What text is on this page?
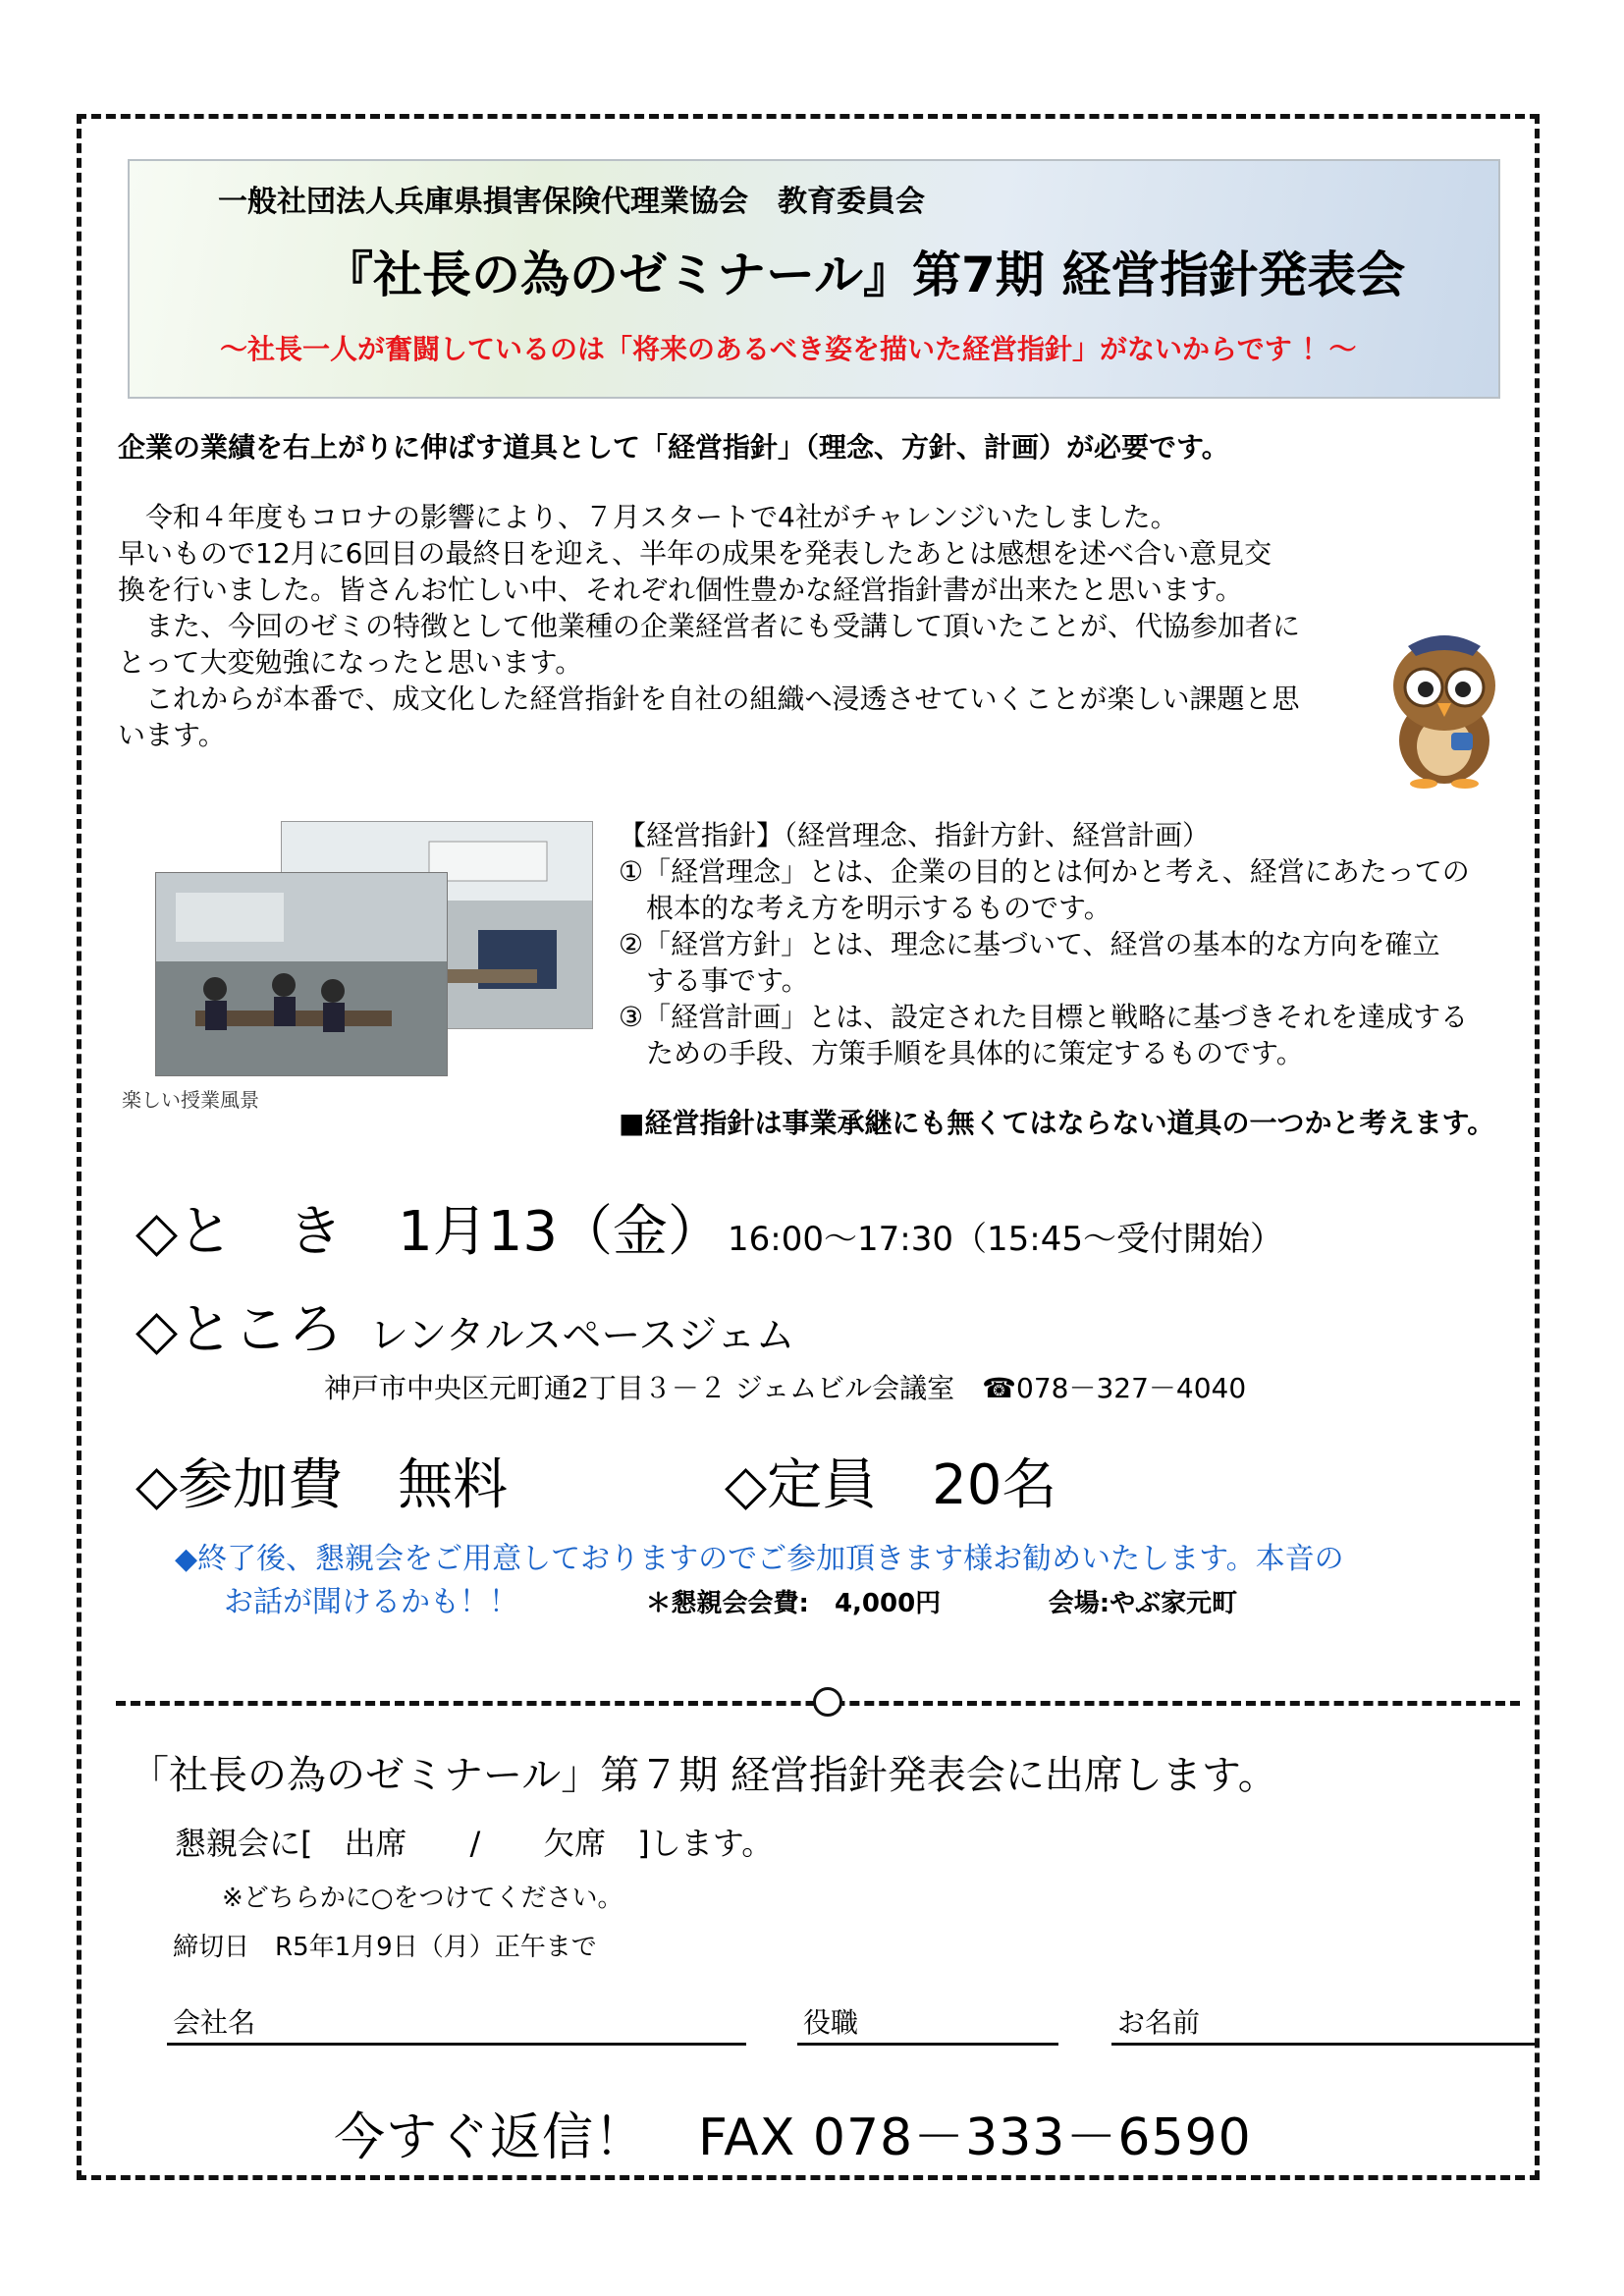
一般社団法人兵庫県損害保険代理業協会　教育委員会
『社長の為のゼミナール』第7期 経営指針発表会
～社長一人が奮闘しているのは「将来のあるべき姿を描いた経営指針」がないからです ！～
企業の業績を右上がりに伸ばす道具として「経営指針」（理念、方針、計画）が必要です。

　令和４年度もコロナの影響により、７月スタートで4社がチャレンジいたしました。

早いもので12月に6回目の最終日を迎え、半年の成果を発表したあとは感想を述べ合い意見交

換を行いました。皆さんお忙しい中、それぞれ個性豊かな経営指針書が出来たと思います。

　また、今回のゼミの特徴として他業種の企業経営者にも受講して頂いたことが、代協参加者に

とって大変勉強になったと思います。

　これからが本番で、成文化した経営指針を自社の組織へ浸透させていくことが楽しい課題と思

います。

楽しい授業風景
【経営指針】（経営理念、指針方針、経営計画）
①「経営理念」とは、企業の目的とは何かと考え、経営にあたっての
　根本的な考え方を明示するものです。
②「経営方針」とは、理念に基づいて、経営の基本的な方向を確立
　する事です。
③「経営計画」とは、設定された目標と戦略に基づきそれを達成する
　ための手段、方策手順を具体的に策定するものです。
■経営指針は事業承継にも無くてはならない道具の一つかと考えます。
◇と　き　1月13（金） 16:00～17:30（15:45～受付開始）
◇ところ レンタルスペースジェム
神戸市中央区元町通2丁目３－２ ジェムビル会議室　☎078－327－4040
◇参加費　無料	◇定員　20名
◆終了後、懇親会をご用意しておりますのでご参加頂きます様お勧めいたします。本音の
お話が聞けるかも！！	＊懇親会会費:　4,000円	会場:やぶ家元町
「社長の為のゼミナール」第７期 経営指針発表会に出席します。
懇親会に[　出席　　/　　欠席　]します。
※どちらかに○をつけてください。
締切日　R5年1月9日（月）正午まで
会社名	役職	お名前
今すぐ返信！　FAX 078－333－6590
